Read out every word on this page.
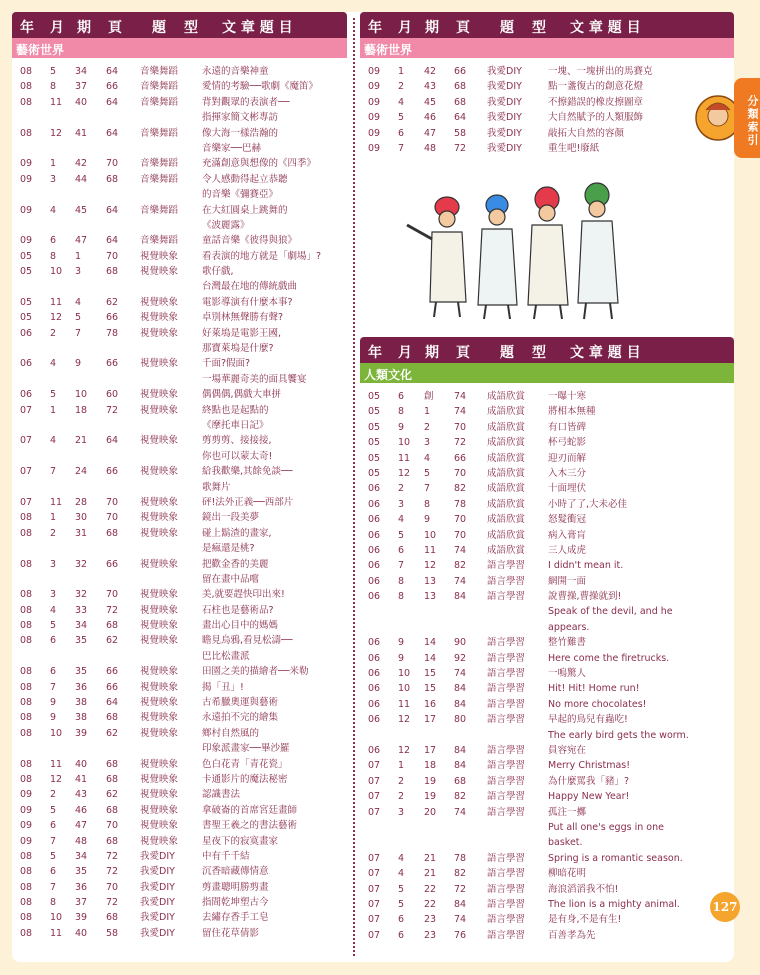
年 月 期 頁 題 型 文 章 題 目
藝術世界
08 5 34 64 音樂舞蹈	永遠的音樂神童
08 8 37 66 音樂舞蹈	愛情的考驗──歌劇《魔笛》
08 11 40 64 音樂舞蹈	背對觀眾的表演者──
指揮家簡文彬專訪
08 12 41 64 音樂舞蹈	像大海一樣浩瀚的
音樂家──巴赫
09 1 42 70 音樂舞蹈	充滿創意與想像的《四季》
09 3 44 68 音樂舞蹈	令人感動得起立恭聽
的音樂《彌賽亞》
09 4 45 64 音樂舞蹈	在大紅圓桌上跳舞的
《波麗露》
09 6 47 64 音樂舞蹈	童話音樂《彼得與狼》
05 8 1	70 視覺映象	看表演的地方就是「劇場」?
05 10 3	68 視覺映象	歌仔戲,
台灣最在地的傳統戲曲
05 11 4	62 視覺映象	電影導演有什麼本事?
05 12 5	66 視覺映象	卓別林無聲勝有聲?
06 2 7	78 視覺映象	好萊塢是電影王國,
那寶萊塢是什麼?
06 4 9	66 視覺映象	千面?假面?
一場華麗奇美的面具饗宴
06 5 10 60 視覺映象	偶偶偶,偶戲大車拼
07 1 18 72 視覺映象	終點也是起點的
《摩托車日記》
07 4 21 64 視覺映象	剪剪剪、接接接,
你也可以蒙太奇!
07 7 24 66 視覺映象	給我歡樂,其餘免談──
歌舞片
07 11 28 70 視覺映象	砰!法外正義──西部片
08 1 30 70 視覺映象	鏡出一段美夢
08 2 31 68 視覺映象	碰上鬍渣的畫家,
是瘋還是桃?
08 3 32 66 視覺映象	把歡金香的美麗
留在畫中品嚐
08 3 32 70 視覺映象	美,就要趕快印出來!
08 4 33 72 視覺映象	石柱也是藝術品?
08 5 34 68 視覺映象	畫出心目中的媽媽
08 6 35 62 視覺映象	瞻見烏鴉,看見松濤──
巴比松畫派
08 6 35 66 視覺映象	田園之美的描繪者──米勒
08 7 36 66 視覺映象	揭「丑」!
08 9 38 64 視覺映象	古希臘奧運與藝術
08 9 38 68 視覺映象	永遠拍不完的繪集
08 10 39 62 視覺映象	鄉村自然風的
印象派畫家──畢沙羅
08 11 40 68 視覺映象	色白花青「青花瓷」
08 12 41 68 視覺映象	卡通影片的魔法秘密
09 2 43 62 視覺映象	認識書法
09 5 46 68 視覺映象	拿破崙的首席宮廷畫師
09 6 47 70 視覺映象	書聖王羲之的書法藝術
09 7 48 68 視覺映象	星夜下的寂寞畫家
08 5 34 72 我愛DIY	中有千千結
08 6 35 72 我愛DIY	沉香暗藏傳情意
08 7 36 70 我愛DIY	剪畫聰明勝剪畫
08 8 37 72 我愛DIY	指間乾坤塑古今
08 10 39 68 我愛DIY	去繡存香手工皂
08 11 40 58 我愛DIY	留住花草倩影
年 月 期 頁 題 型 文 章 題 目
藝術世界
09 1 42 66 我愛DIY	一塊、一塊拼出的馬賽克
09 2 43 68 我愛DIY	點一盞復古的創意花燈
09 4 45 68 我愛DIY	不擦錯誤的橡皮擦圖章
09 5 46 64 我愛DIY	大自然賦予的人類服飾
09 6 47 58 我愛DIY	敲拓大自然的容顏
09 7 48 72 我愛DIY	重生吧!廢紙
年 月 期 頁 題 型 文 章 題 目
人類文化
05 6 創 74 成語欣賞 一曝十寒
05 8 1	74 成語欣賞 將相本無種
05 9 2	70 成語欣賞 有口皆碑
05 10 3	72 成語欣賞 杯弓蛇影
05 11 4	66 成語欣賞 迎刃而解
05 12 5	70 成語欣賞 入木三分
06 2 7	82 成語欣賞 十面埋伏
06 3 8	78 成語欣賞 小時了了,大未必佳
06 4 9	70 成語欣賞 怒髮衝冠
06 5 10 70 成語欣賞 病入膏肓
06 6 11 74 成語欣賞 三人成虎
06 7 12 82 語言學習 I didn't mean it.
06 8 13 74 語言學習 網開一面
06 8 13 84 語言學習 說曹操,曹操就到!
Speak of the devil, and he
appears.
06 9 14 90 語言學習 整竹難書
06 9 14 92 語言學習 Here come the firetrucks.
06 10 15 74 語言學習 一鳴驚人
06 10 15 84 語言學習 Hit! Hit! Home run!
06 11 16 84 語言學習 No more chocolates!
06 12 17 80 語言學習 早起的鳥兒有蟲吃!
The early bird gets the worm.
06 12 17 84 語言學習 員容宛在
07 1 18 84 語言學習 Merry Christmas!
07 2 19 68 語言學習 為什麼罵我「豬」?
07 2 19 82 語言學習 Happy New Year!
07 3 20 74 語言學習 孤注一擲
Put all one's eggs in one
basket.
07 4 21 78 語言學習 Spring is a romantic season.
07 4 21 82 語言學習 柳暗花明
07 5 22 72 語言學習 海浪滔滔我不怕!
07 5 22 84 語言學習 The lion is a mighty animal.
07 6 23 74 語言學習 是有身,不是有生!
07 6 23 76 語言學習 百善孝為先
127
分類索引
